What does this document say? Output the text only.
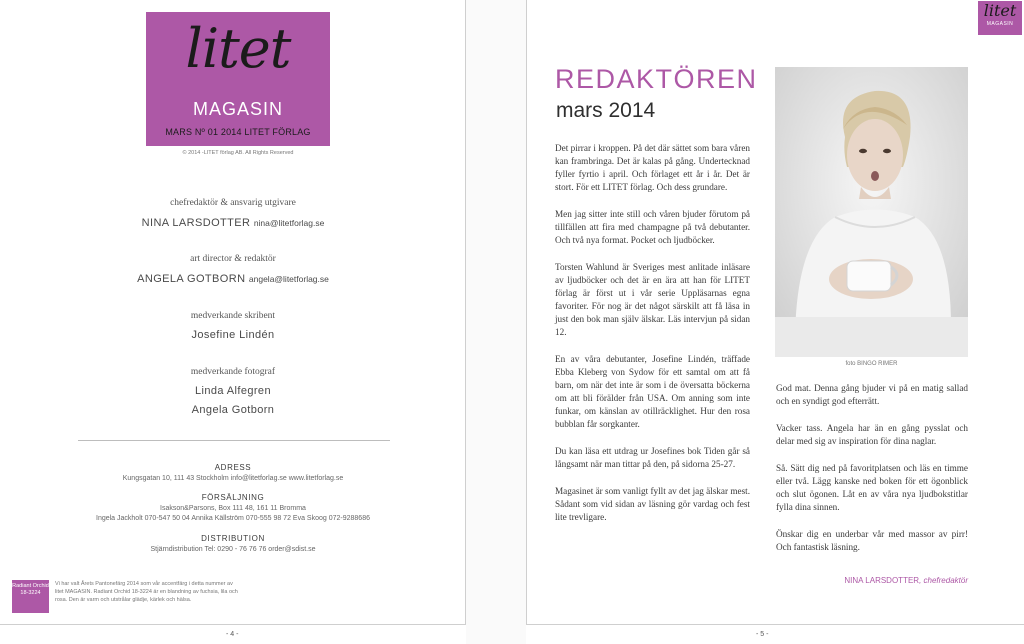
litet
MAGASIN
MARS Nº 01 2014 LITET FÖRLAG
© 2014 -LITET förlag AB. All Rights Reserved
chefredaktör & ansvarig utgivare
NINA LARSDOTTER nina@litetforlag.se
art director & redaktör
ANGELA GOTBORN angela@litetforlag.se
medverkande skribent
Josefine Lindén
medverkande fotograf
Linda Alfegren
Angela Gotborn
ADRESS
Kungsgatan 10, 111 43 Stockholm info@litetforlag.se www.litetforlag.se
FÖRSÄLJNING
Isakson&Parsons, Box 111 48, 161 11 Bromma
Ingela Jackholt 070-547 50 04 Annika Källström 070-555 98 72 Eva Skoog 072-9288686
DISTRIBUTION
Stjärndistribution Tel: 0290 - 76 76 76 order@sdist.se
Radiant Orchid 18-3224
Vi har valt Årets Pantonefärg 2014 som vår accentfärg i detta nummer av litet MAGASIN. Radiant Orchid 18-3224 är en blandning av fuchsia, lila och rosa. Den är varm och utstrålar glädje, kärlek och hälsa.
- 4 -
litet
MAGASIN
REDAKTÖREN
mars 2014

Det pirrar i kroppen. På det där sättet som bara våren kan frambringa. Det är kalas på gång. Undertecknad fyller fyrtio i april. Och förlaget ett år i år. Det är stort. För ett LITET förlag. Och dess grundare.

Men jag sitter inte still och våren bjuder förutom på tillfällen att fira med champagne på två debutanter. Och två nya format. Pocket och ljudböcker.

Torsten Wahlund är Sveriges mest anlitade inläsare av ljudböcker och det är en ära att han för LITET förlag är först ut i vår serie Uppläsarnas egna favoriter. För nog är det något särskilt att få läsa in just den bok man själv älskar. Läs intervjun på sidan 12.

En av våra debutanter, Josefine Lindén, träffade Ebba Kleberg von Sydow för ett samtal om att få barn, om när det inte är som i de översatta böckerna om att bli förälder från USA. Om anning som inte funkar, om känslan av otillräcklighet. Hur den rosa bubblan får sorgkanter.

Du kan läsa ett utdrag ur Josefines bok Tiden går så långsamt när man tittar på den, på sidorna 25-27.

Magasinet är som vanligt fyllt av det jag älskar mest. Sådant som vid sidan av läsning gör vardag och fest lite trevligare.

foto BINGO RIMER

God mat. Denna gång bjuder vi på en matig sallad och en syndigt god efterrätt.

Vacker tass. Angela har än en gång pysslat och delar med sig av inspiration för dina naglar.

Så. Sätt dig ned på favoritplatsen och läs en timme eller två. Lägg kanske ned boken för ett ögonblick och slut ögonen. Låt en av våra nya ljudbokstitlar fylla dina sinnen.

Önskar dig en underbar vår med massor av pirr! Och fantastisk läsning.

NINA LARSDOTTER, chefredaktör
- 5 -
